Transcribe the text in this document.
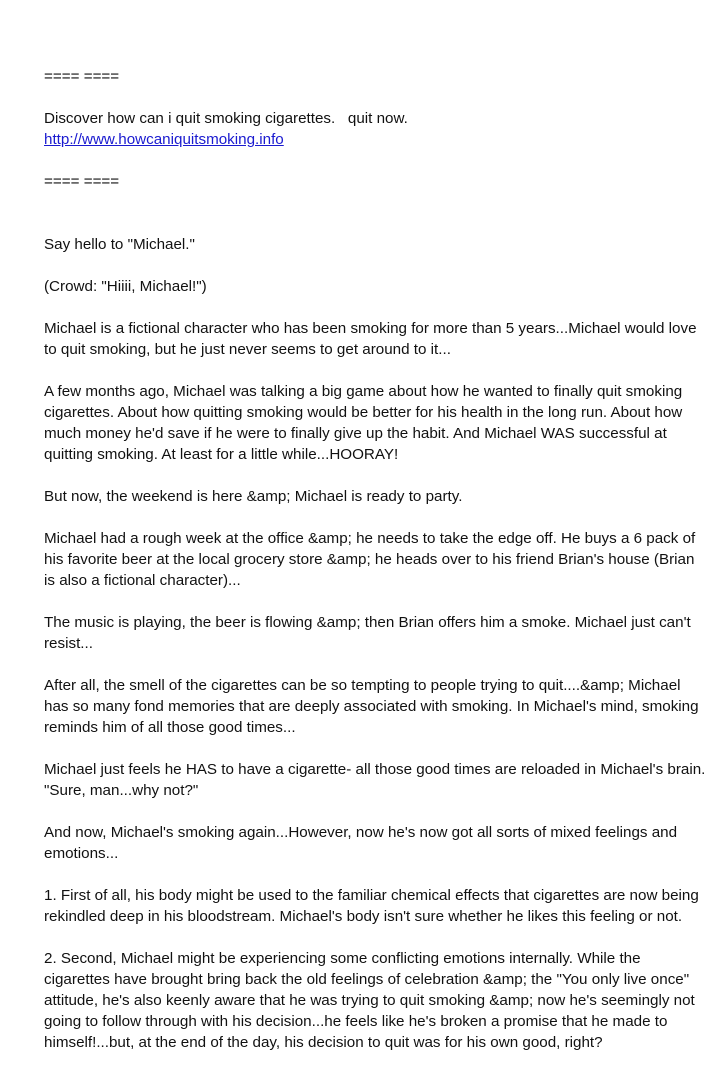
==== ====

Discover how can i quit smoking cigarettes.   quit now.

http://www.howcaniquitsmoking.info

==== ====

Say hello to "Michael."

(Crowd: "Hiiii, Michael!")

Michael is a fictional character who has been smoking for more than 5 years...Michael would love

to quit smoking, but he just never seems to get around to it...

A few months ago, Michael was talking a big game about how he wanted to finally quit smoking

cigarettes. About how quitting smoking would be better for his health in the long run. About how

much money he'd save if he were to finally give up the habit. And Michael WAS successful at

quitting smoking. At least for a little while...HOORAY!

But now, the weekend is here &amp; Michael is ready to party.

Michael had a rough week at the office &amp; he needs to take the edge off. He buys a 6 pack of

his favorite beer at the local grocery store &amp; he heads over to his friend Brian's house (Brian

is also a fictional character)...

The music is playing, the beer is flowing &amp; then Brian offers him a smoke. Michael just can't

resist...

After all, the smell of the cigarettes can be so tempting to people trying to quit....&amp; Michael

has so many fond memories that are deeply associated with smoking. In Michael's mind, smoking

reminds him of all those good times...

Michael just feels he HAS to have a cigarette- all those good times are reloaded in Michael's brain.

"Sure, man...why not?"

And now, Michael's smoking again...However, now he's now got all sorts of mixed feelings and

emotions...

1. First of all, his body might be used to the familiar chemical effects that cigarettes are now being

rekindled deep in his bloodstream. Michael's body isn't sure whether he likes this feeling or not.

2. Second, Michael might be experiencing some conflicting emotions internally. While the

cigarettes have brought bring back the old feelings of celebration &amp; the "You only live once"

attitude, he's also keenly aware that he was trying to quit smoking &amp; now he's seemingly not

going to follow through with his decision...he feels like he's broken a promise that he made to

himself!...but, at the end of the day, his decision to quit was for his own good, right?
